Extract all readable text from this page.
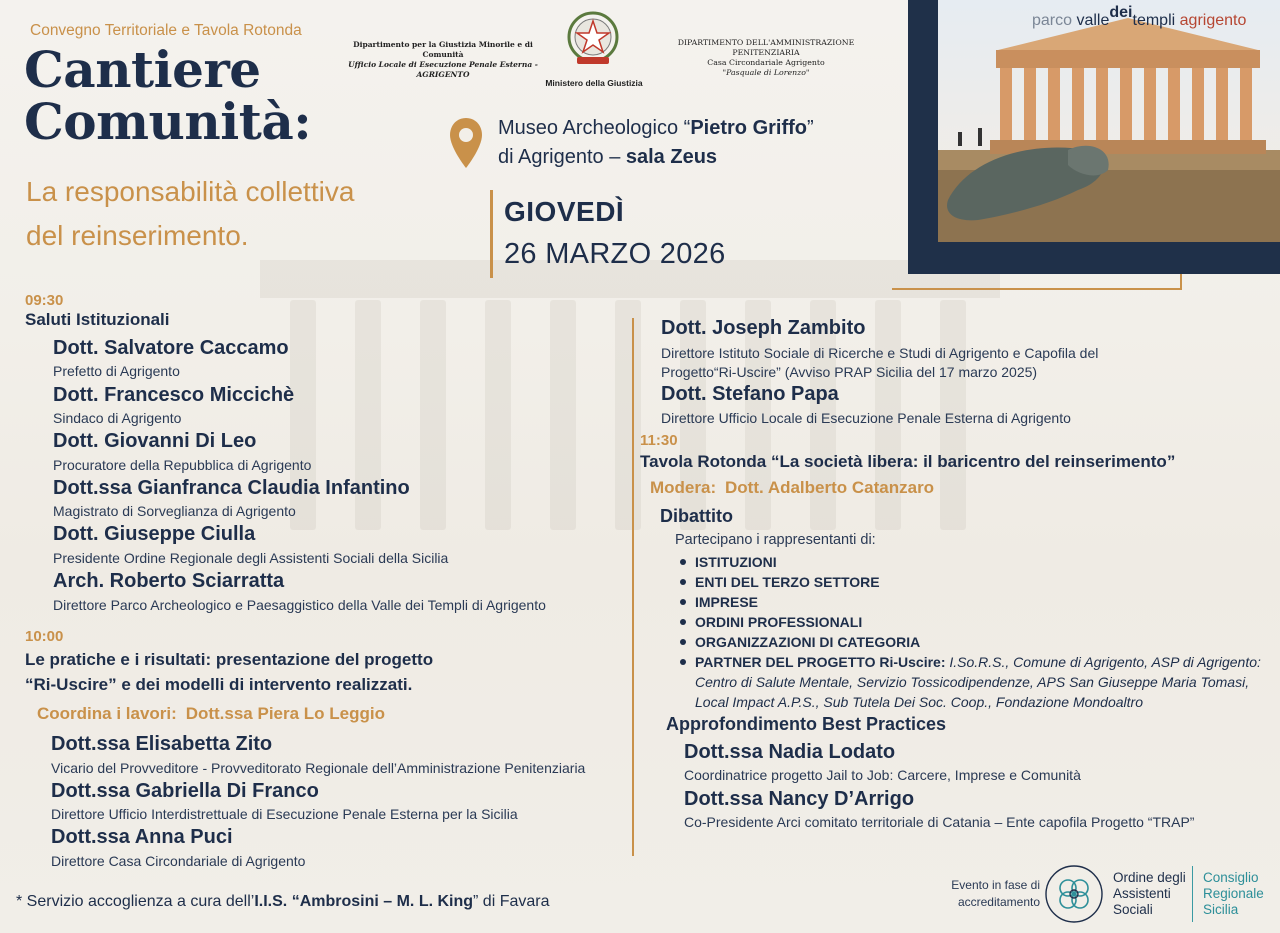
Convegno Territoriale e Tavola Rotonda
Cantiere
Comunità:
La responsabilità collettiva
del reinserimento.
Dipartimento per la Giustizia Minorile e di Comunità
Ufficio Locale di Esecuzione Penale Esterna - AGRIGENTO
Ministero della Giustizia
DIPARTIMENTO DELL'AMMINISTRAZIONE PENITENZIARIA
Casa Circondariale Agrigento
"Pasquale di Lorenzo"
Museo Archeologico “Pietro Griffo”
di Agrigento – sala Zeus
GIOVEDÌ
26 MARZO 2026
parco valledeitempli agrigento
09:30
Saluti Istituzionali
Dott. Salvatore Caccamo
Prefetto di Agrigento
Dott. Francesco Miccichè
Sindaco di Agrigento
Dott. Giovanni Di Leo
Procuratore della Repubblica di Agrigento
Dott.ssa Gianfranca Claudia Infantino
Magistrato di Sorveglianza di Agrigento
Dott. Giuseppe Ciulla
Presidente Ordine Regionale degli Assistenti Sociali della Sicilia
Arch. Roberto Sciarratta
Direttore Parco Archeologico e Paesaggistico della Valle dei Templi di Agrigento
10:00
Le pratiche e i risultati: presentazione del progetto
“Ri-Uscire” e dei modelli di intervento realizzati.
Coordina i lavori: Dott.ssa Piera Lo Leggio
Dott.ssa Elisabetta Zito
Vicario del Provveditore - Provveditorato Regionale dell’Amministrazione Penitenziaria
Dott.ssa Gabriella Di Franco
Direttore Ufficio Interdistrettuale di Esecuzione Penale Esterna per la Sicilia
Dott.ssa Anna Puci
Direttore Casa Circondariale di Agrigento
Dott. Joseph Zambito
Direttore Istituto Sociale di Ricerche e Studi di Agrigento e Capofila del
Progetto“Ri-Uscire” (Avviso PRAP Sicilia del 17 marzo 2025)
Dott. Stefano Papa
Direttore Ufficio Locale di Esecuzione Penale Esterna di Agrigento
11:30
Tavola Rotonda “La società libera: il baricentro del reinserimento”
Modera: Dott. Adalberto Catanzaro
Dibattito
Partecipano i rappresentanti di:
ISTITUZIONI
ENTI DEL TERZO SETTORE
IMPRESE
ORDINI PROFESSIONALI
ORGANIZZAZIONI DI CATEGORIA
PARTNER DEL PROGETTO Ri-Uscire: I.So.R.S., Comune di Agrigento, ASP di Agrigento: Centro di Salute Mentale, Servizio Tossicodipendenze, APS San Giuseppe Maria Tomasi, Local Impact A.P.S., Sub Tutela Dei Soc. Coop., Fondazione Mondoaltro
Approfondimento Best Practices
Dott.ssa Nadia Lodato
Coordinatrice progetto Jail to Job: Carcere, Imprese e Comunità
Dott.ssa Nancy D’Arrigo
Co-Presidente Arci comitato territoriale di Catania – Ente capofila Progetto “TRAP”
* Servizio accoglienza a cura dell’I.I.S. “Ambrosini – M. L. King” di Favara
Evento in fase di
accreditamento
Ordine degli
Assistenti
Sociali
Consiglio
Regionale
Sicilia
